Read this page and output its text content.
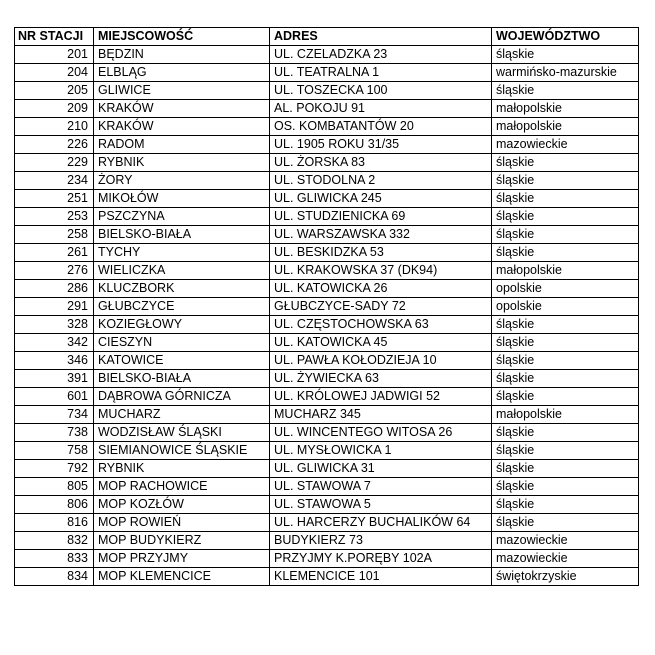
NR STACJI	MIEJSCOWOŚĆ	ADRES	WOJEWÓDZTWO
201	BĘDZIN	UL. CZELADZKA 23	śląskie
204	ELBLĄG	UL. TEATRALNA 1	warmińsko-mazurskie
205	GLIWICE	UL. TOSZECKA 100	śląskie
209	KRAKÓW	AL. POKOJU 91	małopolskie
210	KRAKÓW	OS. KOMBATANTÓW 20	małopolskie
226	RADOM	UL. 1905 ROKU 31/35	mazowieckie
229	RYBNIK	UL. ŻORSKA 83	śląskie
234	ŻORY	UL. STODOLNA 2	śląskie
251	MIKOŁÓW	UL. GLIWICKA 245	śląskie
253	PSZCZYNA	UL. STUDZIENICKA 69	śląskie
258	BIELSKO-BIAŁA	UL. WARSZAWSKA 332	śląskie
261	TYCHY	UL. BESKIDZKA 53	śląskie
276	WIELICZKA	UL. KRAKOWSKA 37 (DK94)	małopolskie
286	KLUCZBORK	UL. KATOWICKA 26	opolskie
291	GŁUBCZYCE	GŁUBCZYCE-SADY 72	opolskie
328	KOZIEGŁOWY	UL. CZĘSTOCHOWSKA 63	śląskie
342	CIESZYN	UL. KATOWICKA 45	śląskie
346	KATOWICE	UL. PAWŁA KOŁODZIEJA 10	śląskie
391	BIELSKO-BIAŁA	UL. ŻYWIECKA 63	śląskie
601	DĄBROWA GÓRNICZA	UL. KRÓLOWEJ JADWIGI 52	śląskie
734	MUCHARZ	MUCHARZ 345	małopolskie
738	WODZISŁAW ŚLĄSKI	UL. WINCENTEGO WITOSA 26	śląskie
758	SIEMIANOWICE ŚLĄSKIE	UL. MYSŁOWICKA 1	śląskie
792	RYBNIK	UL. GLIWICKA 31	śląskie
805	MOP RACHOWICE	UL. STAWOWA 7	śląskie
806	MOP KOZŁÓW	UL. STAWOWA 5	śląskie
816	MOP ROWIEŃ	UL. HARCERZY BUCHALIKÓW 64	śląskie
832	MOP BUDYKIERZ	BUDYKIERZ 73	mazowieckie
833	MOP PRZYJMY	PRZYJMY K.PORĘBY 102A	mazowieckie
834	MOP KLEMENCICE	KLEMENCICE 101	świętokrzyskie
